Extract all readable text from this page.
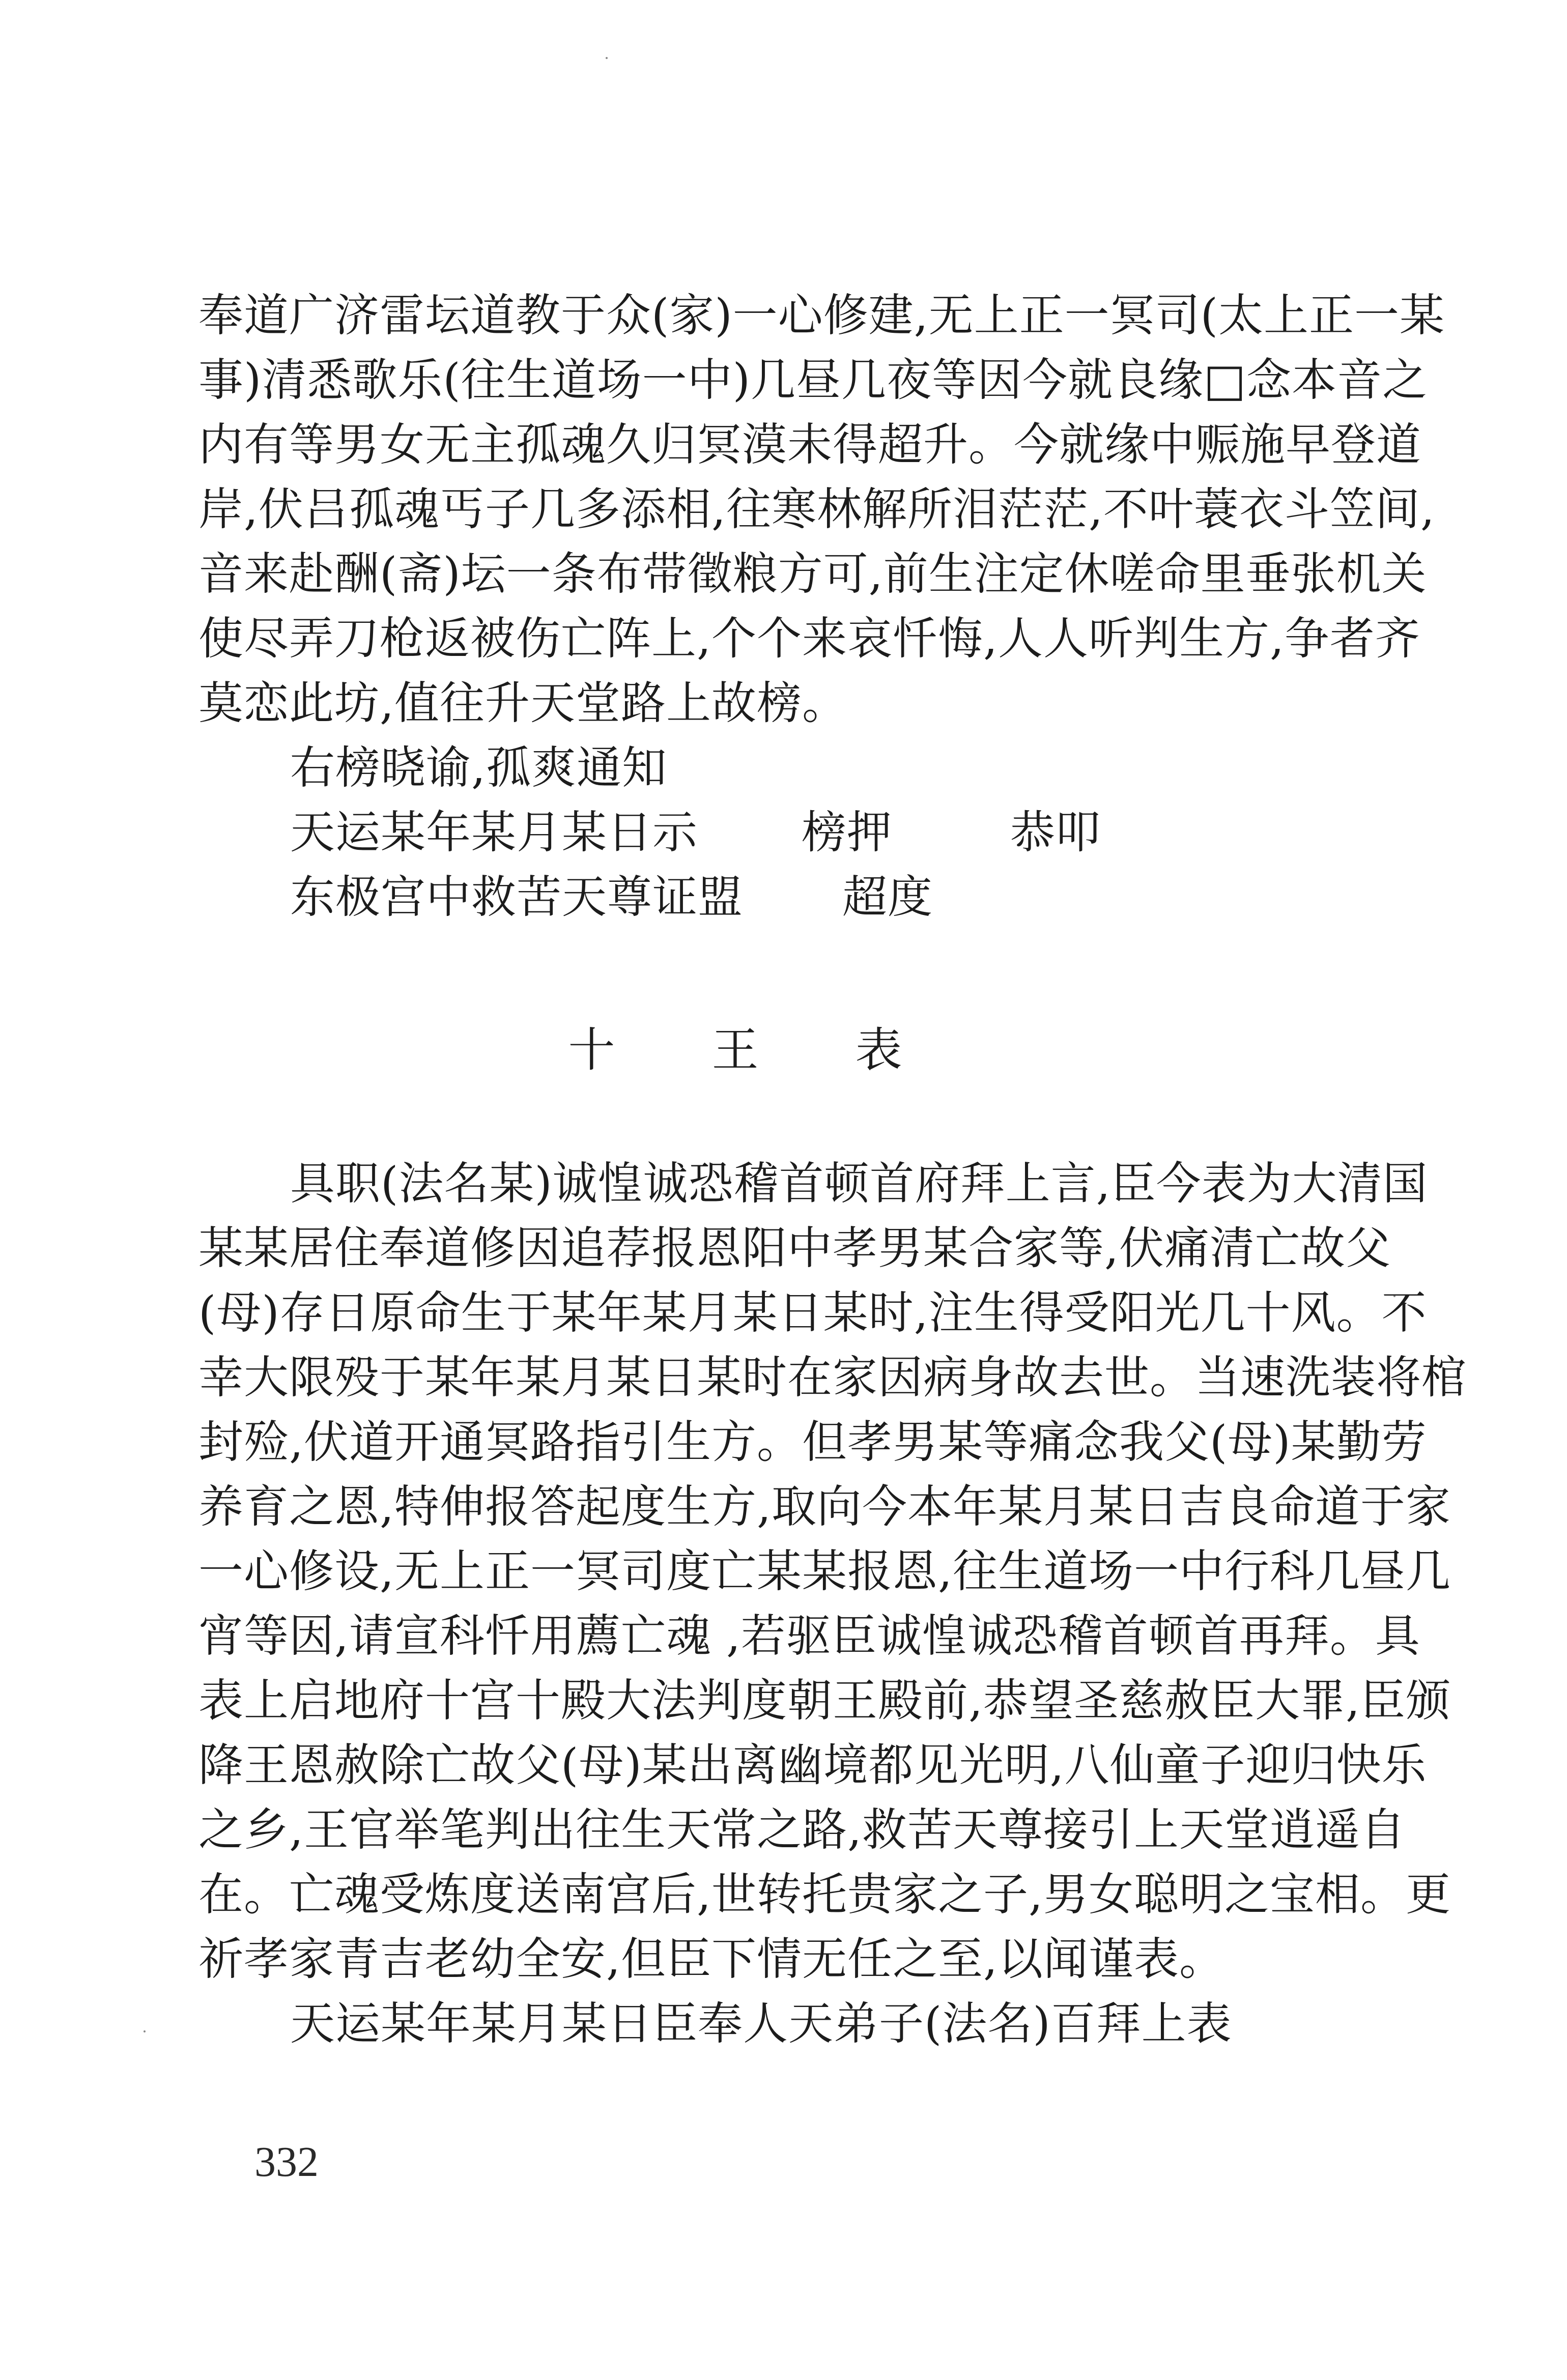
奉道广济雷坛道教于众(家)一心修建,无上正一冥司(太上正一某
事)清悉歌乐(往生道场一中)几昼几夜等因今就良缘□念本音之
内有等男女无主孤魂久归冥漠未得超升。今就缘中赈施早登道
岸,伏吕孤魂丐子几多添相,往寒林解所泪茫茫,不叶蓑衣斗笠间,
音来赴酬(斋)坛一条布带徵粮方可,前生注定休嗟命里垂张机关
使尽弄刀枪返被伤亡阵上,个个来哀忏悔,人人听判生方,争者齐
莫恋此坊,值往升天堂路上故榜。
右榜晓谕,孤爽通知
天运某年某月某日示 榜押	恭叩
东极宫中救苦天尊证盟 超度
十王表
具职(法名某)诚惶诚恐稽首顿首府拜上言,臣今表为大清国
某某居住奉道修因追荐报恩阳中孝男某合家等,伏痛清亡故父
(母)存日原命生于某年某月某日某时,注生得受阳光几十风。不
幸大限殁于某年某月某日某时在家因病身故去世。当速洗装将棺
封殓,伏道开通冥路指引生方。但孝男某等痛念我父(母)某勤劳
养育之恩,特伸报答起度生方,取向今本年某月某日吉良命道于家
一心修设,无上正一冥司度亡某某报恩,往生道场一中行科几昼几
宵等因,请宣科忏用薦亡魂 ,若驱臣诚惶诚恐稽首顿首再拜。具
表上启地府十宫十殿大法判度朝王殿前,恭望圣慈赦臣大罪,臣颁
降王恩赦除亡故父(母)某出离幽境都见光明,八仙童子迎归快乐
之乡,王官举笔判出往生天常之路,救苦天尊接引上天堂逍遥自
在。亡魂受炼度送南宫后,世转托贵家之子,男女聪明之宝相。更
祈孝家青吉老幼全安,但臣下情无任之至,以闻谨表。
天运某年某月某日臣奉人天弟子(法名)百拜上表
332
